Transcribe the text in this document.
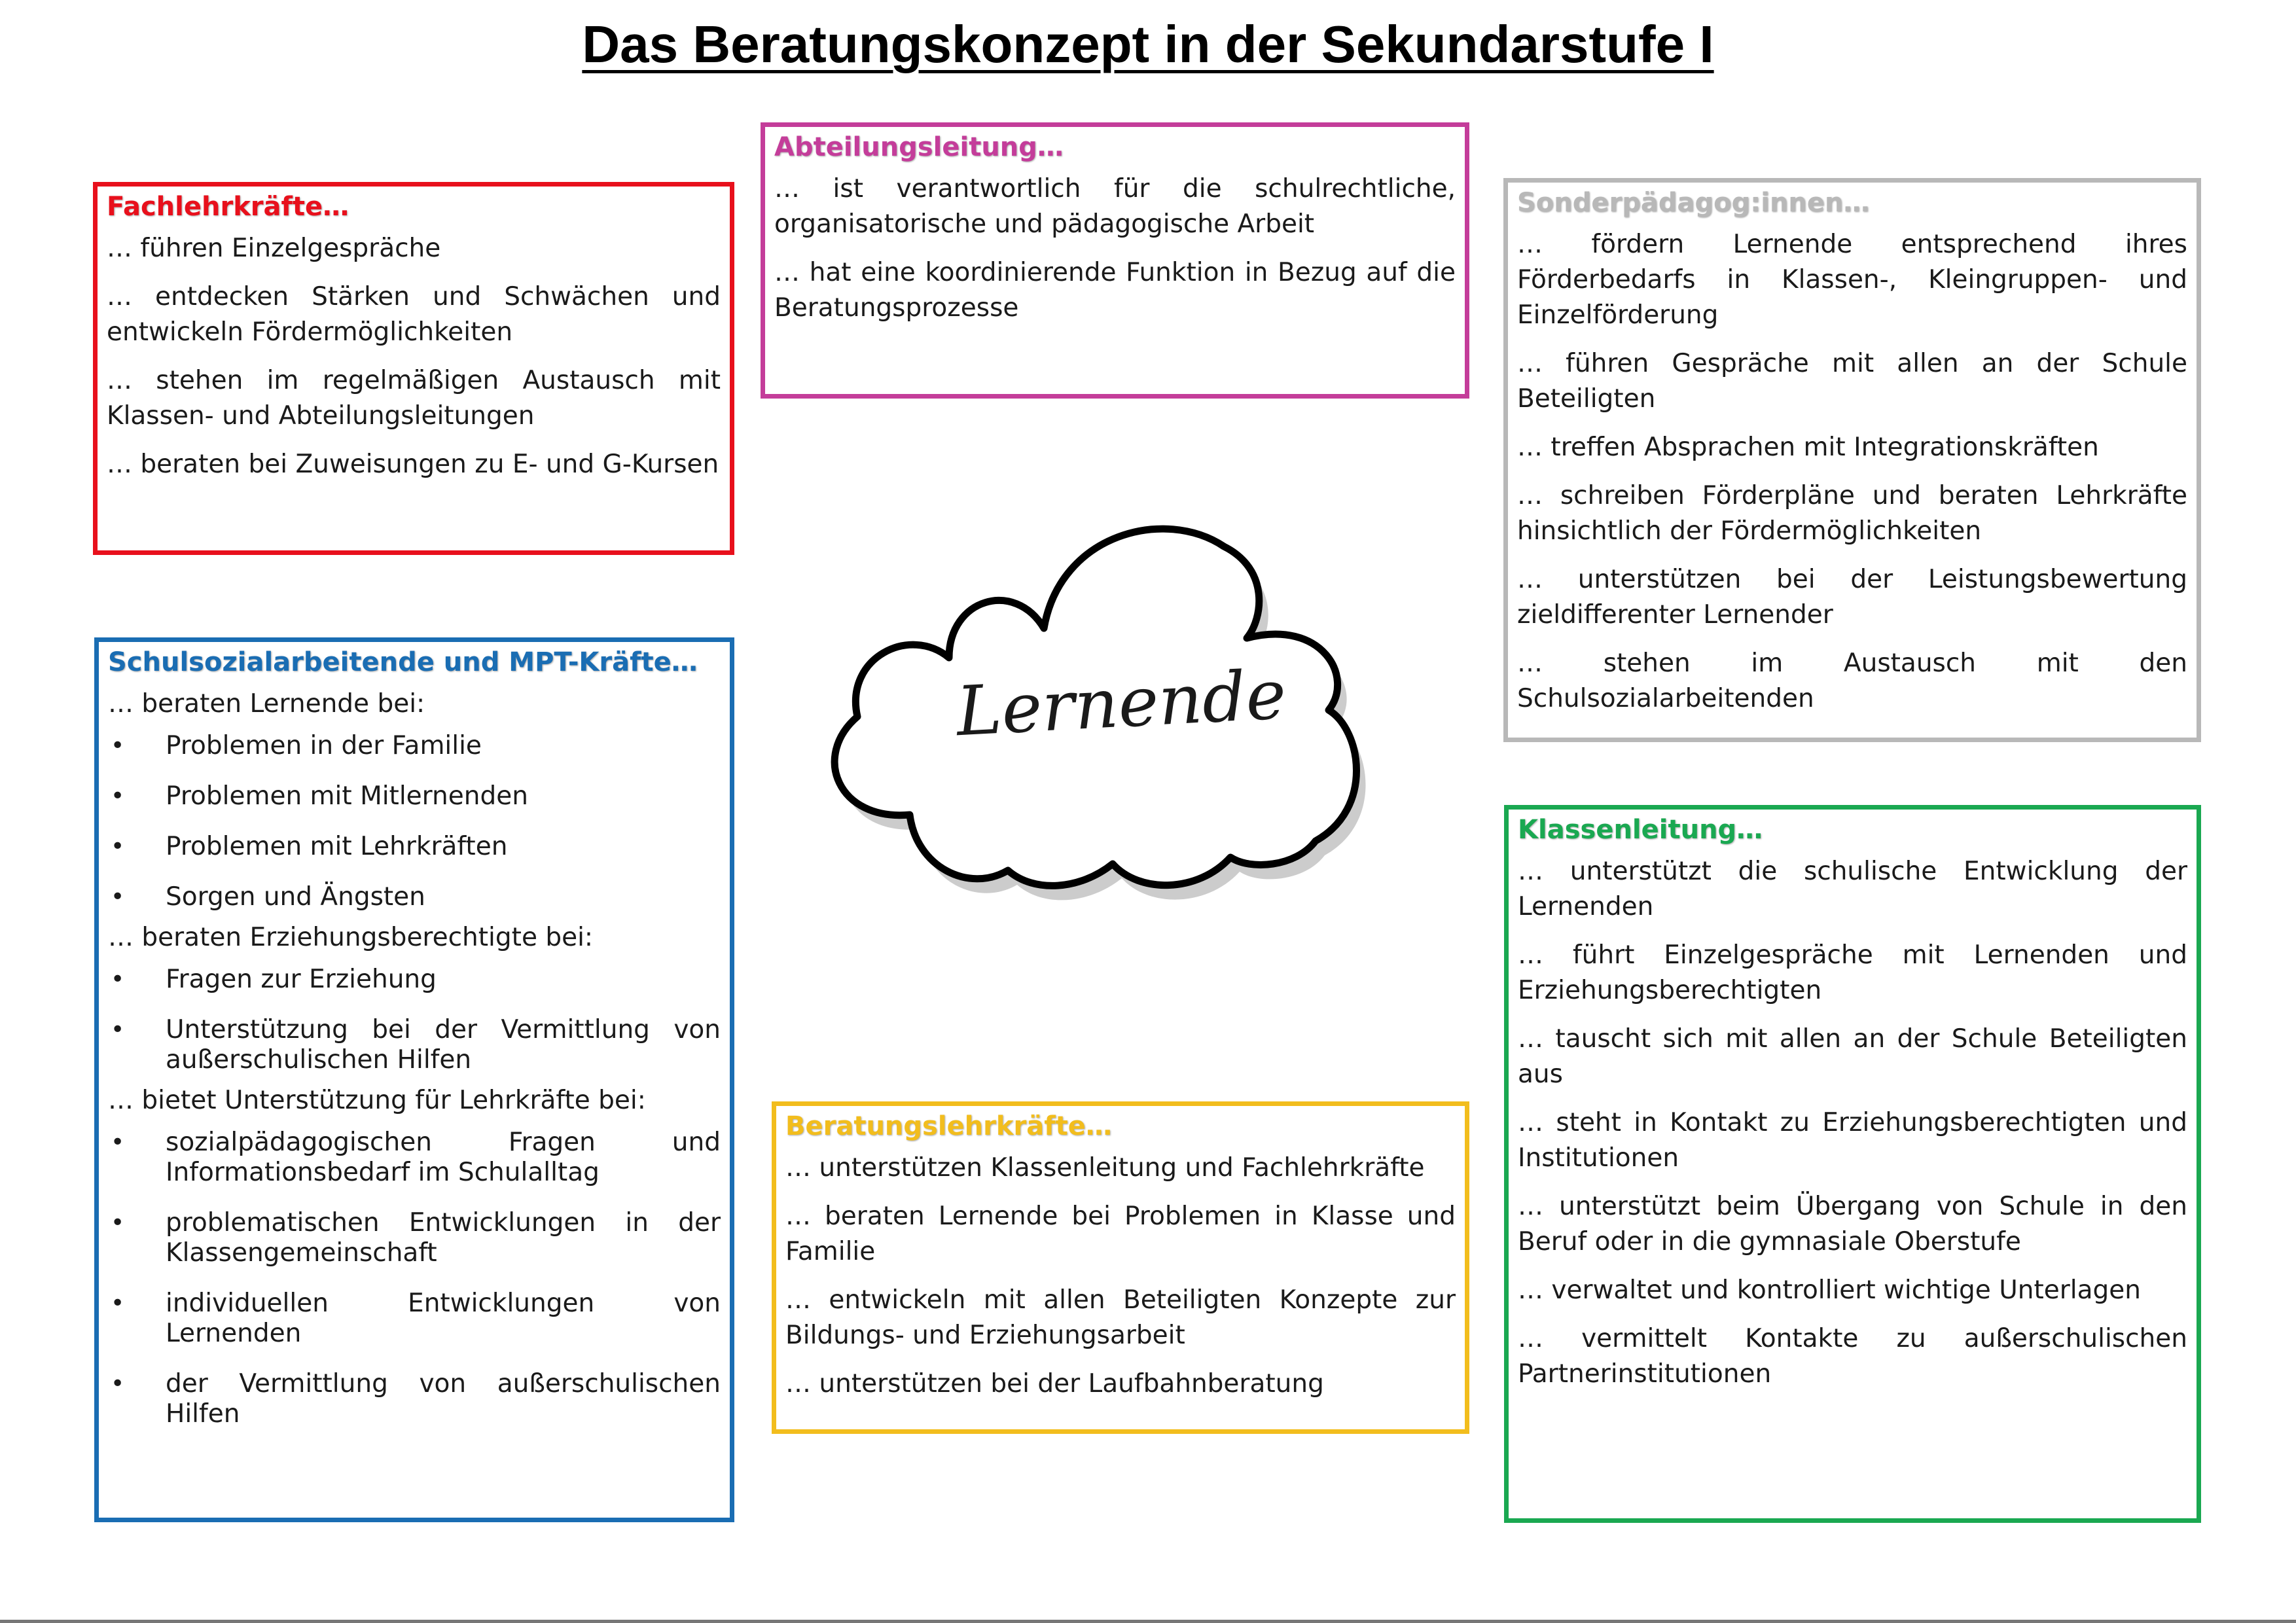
Das Beratungskonzept in der Sekundarstufe I
Fachlehrkräfte…

… führen Einzelgespräche

… entdecken Stärken und Schwächen und entwickeln Fördermöglichkeiten

… stehen im regelmäßigen Austausch mit Klassen- und Abteilungsleitungen

… beraten bei Zuweisungen zu E- und G-Kursen

Abteilungsleitung…

… ist verantwortlich für die schulrechtliche, organisatorische und pädagogische Arbeit

… hat eine koordinierende Funktion in Bezug auf die Beratungsprozesse

Sonderpädagog:innen…

… fördern Lernende entsprechend ihres Förderbedarfs in Klassen-, Kleingruppen- und Einzelförderung

… führen Gespräche mit allen an der Schule Beteiligten

… treffen Absprachen mit Integrationskräften

… schreiben Förderpläne und beraten Lehrkräfte hinsichtlich der Fördermöglichkeiten

… unterstützen bei der Leistungsbewertung zieldifferenter Lernender

… stehen im Austausch mit den Schulsozialarbeitenden

Schulsozialarbeitende und MPT-Kräfte…

… beraten Lernende bei:

• Problemen in der Familie
• Problemen mit Mitlernenden
• Problemen mit Lehrkräften
• Sorgen und Ängsten

… beraten Erziehungsberechtigte bei:

• Fragen zur Erziehung
• Unterstützung bei der Vermittlung von außerschulischen Hilfen

… bietet Unterstützung für Lehrkräfte bei:

• sozialpädagogischen Fragen und Informationsbedarf im Schulalltag
• problematischen Entwicklungen in der Klassengemeinschaft
• individuellen Entwicklungen von Lernenden
• der Vermittlung von außerschulischen Hilfen
Beratungslehrkräfte…

… unterstützen Klassenleitung und Fachlehrkräfte

… beraten Lernende bei Problemen in Klasse und Familie

… entwickeln mit allen Beteiligten Konzepte zur Bildungs- und Erziehungsarbeit

… unterstützen bei der Laufbahnberatung

Klassenleitung…

… unterstützt die schulische Entwicklung der Lernenden

… führt Einzelgespräche mit Lernenden und Erziehungsberechtigten

… tauscht sich mit allen an der Schule Beteiligten aus

… steht in Kontakt zu Erziehungsberechtigten und Institutionen

… unterstützt beim Übergang von Schule in den Beruf oder in die gymnasiale Oberstufe

… verwaltet und kontrolliert wichtige Unterlagen

… vermittelt Kontakte zu außerschulischen Partnerinstitutionen

Lernende
